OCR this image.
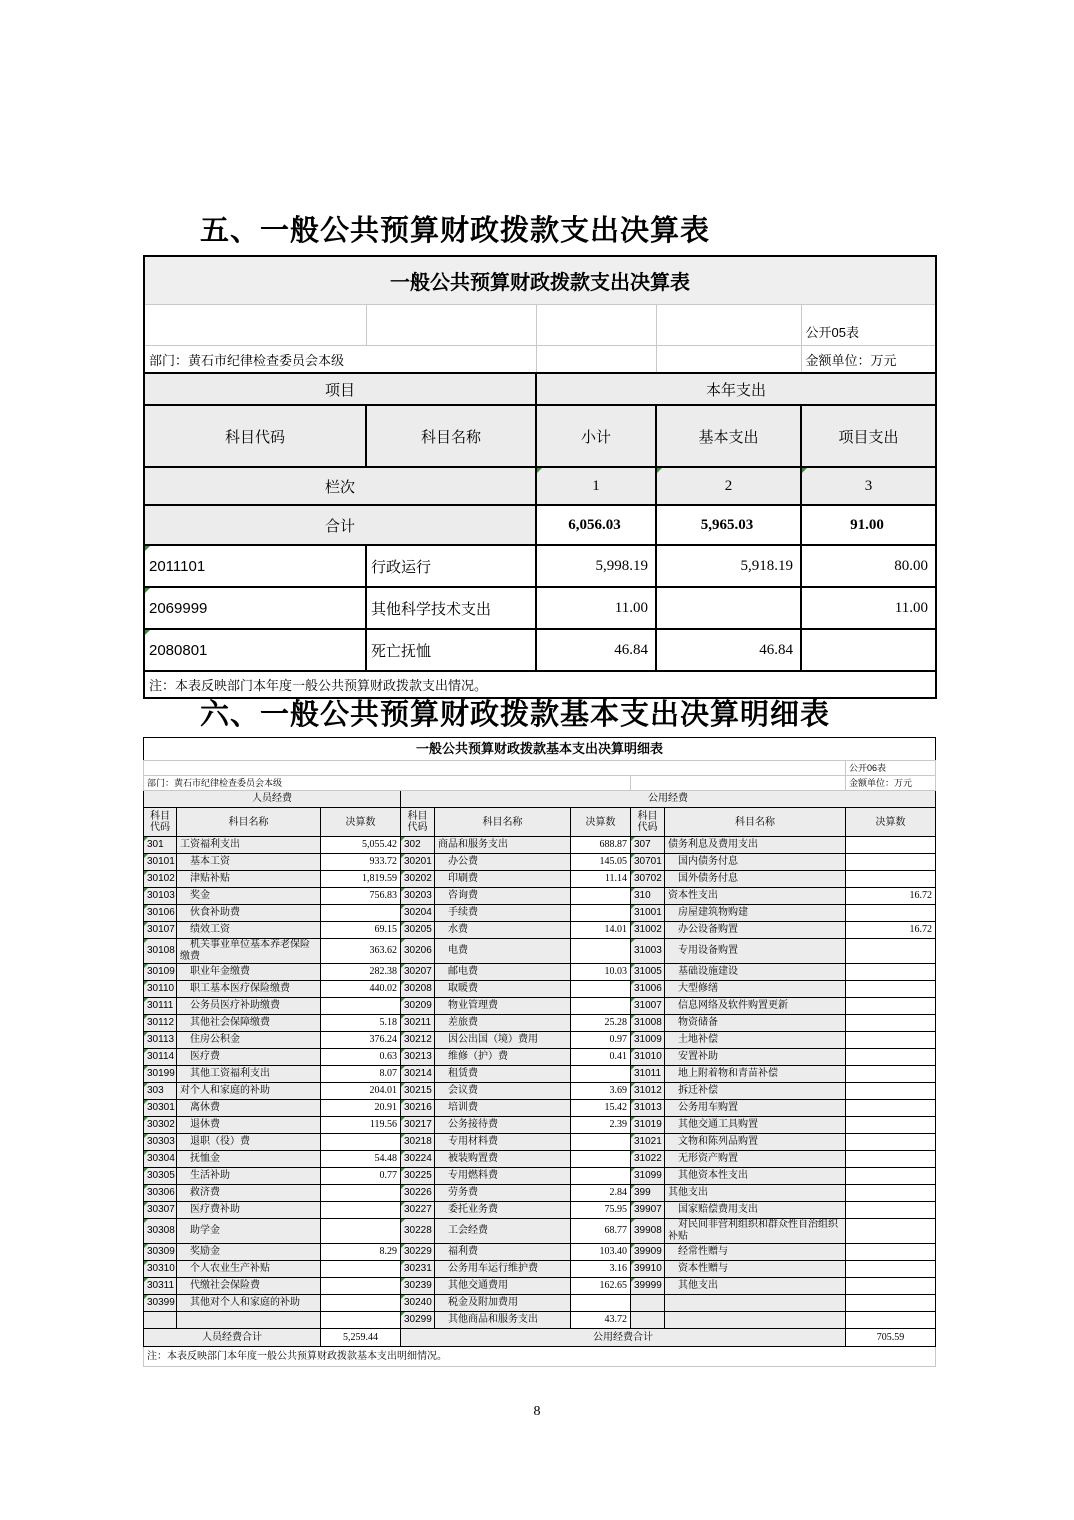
五、一般公共预算财政拨款支出决算表
一般公共预算财政拨款支出决算表				
				公开05表
部门：黄石市纪律检查委员会本级				金额单位：万元
项目		本年支出		
科目代码	科目名称	小计	基本支出	项目支出
栏次		1	2	3
合计		6,056.03	5,965.03	91.00
2011101	行政运行	5,998.19	5,918.19	80.00
2069999	其他科学技术支出	11.00		11.00
2080801	死亡抚恤	46.84	46.84	
注：本表反映部门本年度一般公共预算财政拨款支出情况。				
六、一般公共预算财政拨款基本支出决算明细表
一般公共预算财政拨款基本支出决算明细表								
								公开06表
部门：黄石市纪律检查委员会本级								金额单位：万元
人员经费			公用经费					
科目代码	科目名称	决算数	科目代码	科目名称	决算数	科目代码	科目名称	决算数
301	工资福利支出	5,055.42	302	商品和服务支出	688.87	307	债务利息及费用支出	
30101	　基本工资	933.72	30201	　办公费	145.05	30701	　国内债务付息	
30102	　津贴补贴	1,819.59	30202	　印刷费	11.14	30702	　国外债务付息	
30103	　奖金	756.83	30203	　咨询费		310	资本性支出	16.72
30106	　伙食补助费		30204	　手续费		31001	　房屋建筑物购建	
30107	　绩效工资	69.15	30205	　水费	14.01	31002	　办公设备购置	16.72
30108	　机关事业单位基本养老保险缴费	363.62	30206	　电费		31003	　专用设备购置	
30109	　职业年金缴费	282.38	30207	　邮电费	10.03	31005	　基础设施建设	
30110	　职工基本医疗保险缴费	440.02	30208	　取暖费		31006	　大型修缮	
30111	　公务员医疗补助缴费		30209	　物业管理费		31007	　信息网络及软件购置更新	
30112	　其他社会保障缴费	5.18	30211	　差旅费	25.28	31008	　物资储备	
30113	　住房公积金	376.24	30212	　因公出国（境）费用	0.97	31009	　土地补偿	
30114	　医疗费	0.63	30213	　维修（护）费	0.41	31010	　安置补助	
30199	　其他工资福利支出	8.07	30214	　租赁费		31011	　地上附着物和青苗补偿	
303	对个人和家庭的补助	204.01	30215	　会议费	3.69	31012	　拆迁补偿	
30301	　离休费	20.91	30216	　培训费	15.42	31013	　公务用车购置	
30302	　退休费	119.56	30217	　公务接待费	2.39	31019	　其他交通工具购置	
30303	　退职（役）费		30218	　专用材料费		31021	　文物和陈列品购置	
30304	　抚恤金	54.48	30224	　被装购置费		31022	　无形资产购置	
30305	　生活补助	0.77	30225	　专用燃料费		31099	　其他资本性支出	
30306	　救济费		30226	　劳务费	2.84	399	其他支出	
30307	　医疗费补助		30227	　委托业务费	75.95	39907	　国家赔偿费用支出	
30308	　助学金		30228	　工会经费	68.77	39908	　对民间非营利组织和群众性自治组织补贴	
30309	　奖励金	8.29	30229	　福利费	103.40	39909	　经常性赠与	
30310	　个人农业生产补贴		30231	　公务用车运行维护费	3.16	39910	　资本性赠与	
30311	　代缴社会保险费		30239	　其他交通费用	162.65	39999	　其他支出	
30399	　其他对个人和家庭的补助		30240	　税金及附加费用				
			30299	　其他商品和服务支出	43.72			
人员经费合计		5,259.44	公用经费合计					705.59
注：本表反映部门本年度一般公共预算财政拨款基本支出明细情况。								
8
